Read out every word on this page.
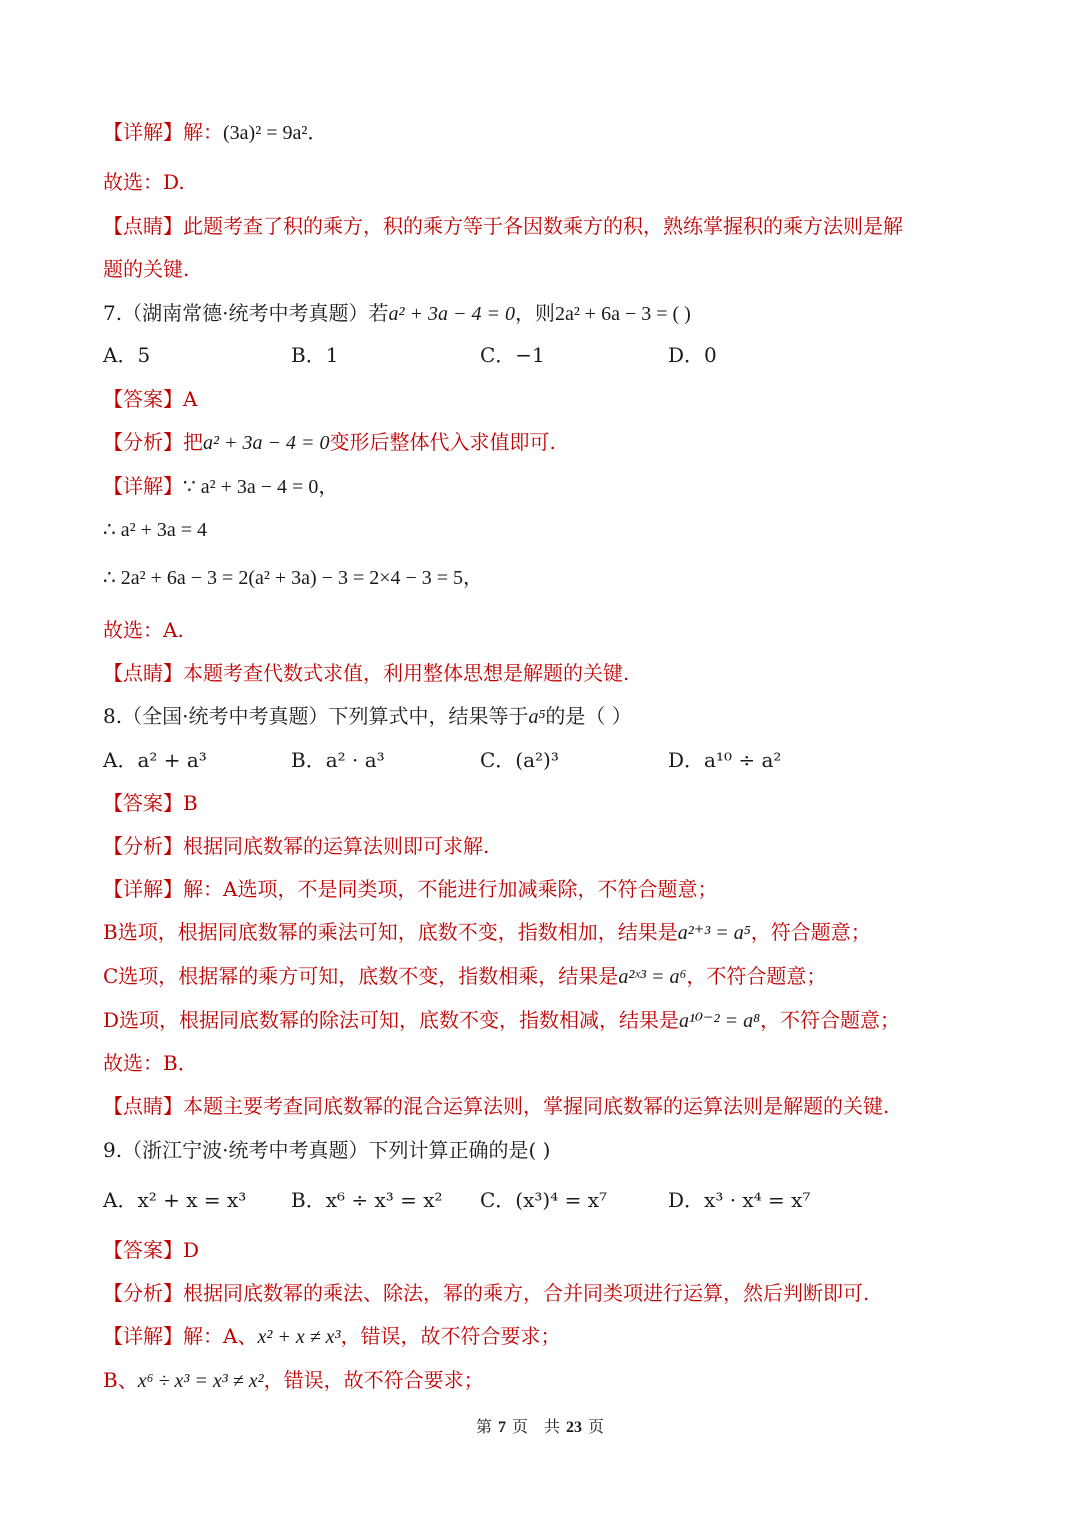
【详解】解：(3a)² = 9a²．
故选：D.
【点睛】此题考查了积的乘方，积的乘方等于各因数乘方的积，熟练掌握积的乘方法则是解
题的关键.
7.（湖南常德·统考中考真题）若a² + 3a − 4 = 0，则2a² + 6a − 3 = ( )
A．5	B．1	C．−1	D．0
【答案】A
【分析】把a² + 3a − 4 = 0变形后整体代入求值即可.
【详解】∵ a² + 3a − 4 = 0，
∴ a² + 3a = 4
∴ 2a² + 6a − 3 = 2(a² + 3a) − 3 = 2×4 − 3 = 5，
故选：A.
【点睛】本题考查代数式求值，利用整体思想是解题的关键.
8.（全国·统考中考真题）下列算式中，结果等于a⁵的是（ ）
A．a² + a³	B．a² · a³	C．(a²)³	D．a¹⁰ ÷ a²
【答案】B
【分析】根据同底数幂的运算法则即可求解.
【详解】解：A选项，不是同类项，不能进行加减乘除，不符合题意；
B选项，根据同底数幂的乘法可知，底数不变，指数相加，结果是a²⁺³ = a⁵，符合题意；
C选项，根据幂的乘方可知，底数不变，指数相乘，结果是a²ˣ³ = a⁶，不符合题意；
D选项，根据同底数幂的除法可知，底数不变，指数相减，结果是a¹⁰⁻² = a⁸，不符合题意；
故选：B．
【点睛】本题主要考查同底数幂的混合运算法则，掌握同底数幂的运算法则是解题的关键.
9.（浙江宁波·统考中考真题）下列计算正确的是( )
A．x² + x = x³ B．x⁶ ÷ x³ = x² C．(x³)⁴ = x⁷	D．x³ · x⁴ = x⁷
【答案】D
【分析】根据同底数幂的乘法、除法，幂的乘方，合并同类项进行运算，然后判断即可.
【详解】解：A、x² + x ≠ x³，错误，故不符合要求；
B、x⁶ ÷ x³ = x³ ≠ x²，错误，故不符合要求；
第 7 页　共 23 页
